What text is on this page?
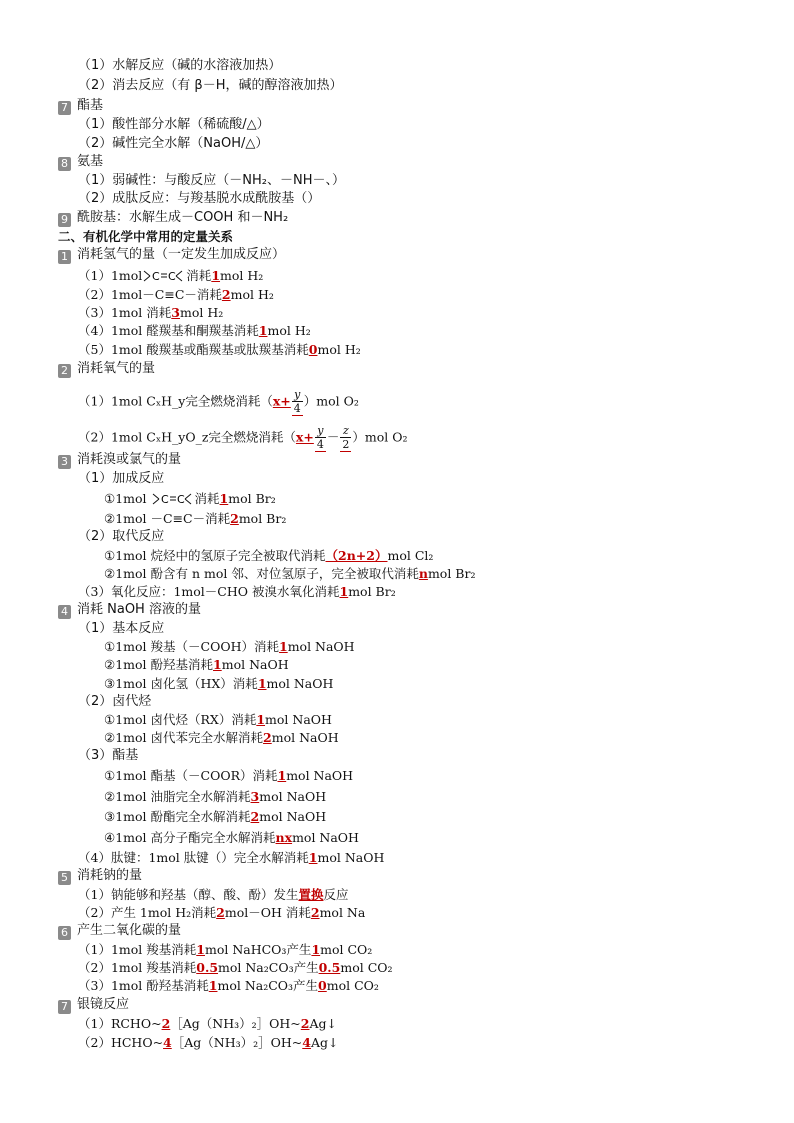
（1）水解反应（碱的水溶液加热）
（2）消去反应（有 β－H，碱的醇溶液加热）
7 酯基
（1）酸性部分水解（稀硫酸/△）
（2）碱性完全水解（NaOH/△）
8 氨基
（1）弱碱性：与酸反应（－NH₂、－NH－、）
（2）成肽反应：与羧基脱水成酰胺基（）
9 酰胺基：水解生成－COOH 和－NH₂
二、有机化学中常用的定量关系
1 消耗氢气的量（一定发生加成反应）
（1）1mol C C 消耗1mol H₂
（2）1mol－C≡C－消耗2mol H₂
（3）1mol 消耗3mol H₂
（4）1mol 醛羰基和酮羰基消耗1mol H₂
（5）1mol 酸羰基或酯羰基或肽羰基消耗0mol H₂
2 消耗氧气的量
（1）1mol CₓH_y完全燃烧消耗$(x+ \frac{y}{4} )mol$ O₂
（2）1mol CₓH_yO_z完全燃烧消耗$(x+ \frac{y}{4} - \frac{z}{2} )mol$ O₂
3 消耗溴或氯气的量
（1）加成反应
①1mol C C 消耗1mol Br₂
②1mol －C≡C－消耗2mol Br₂
（2）取代反应
①1mol 烷烃中的氢原子完全被取代消耗（2n+2）mol Cl₂
②1mol 酚含有 n mol 邻、对位氢原子，完全被取代消耗nmol Br₂
（3）氧化反应：1mol－CHO 被溴水氧化消耗1mol Br₂
4 消耗 NaOH 溶液的量
（1）基本反应
①1mol 羧基（－COOH）消耗1mol NaOH
②1mol 酚羟基消耗1mol NaOH
③1mol 卤化氢（HX）消耗1mol NaOH
（2）卤代烃
①1mol 卤代烃（RX）消耗1mol NaOH
②1mol 卤代苯完全水解消耗2mol NaOH
（3）酯基
①1mol 酯基（－COOR）消耗1mol NaOH
②1mol 油脂完全水解消耗3mol NaOH
③1mol 酚酯完全水解消耗2mol NaOH
④1mol 高分子酯完全水解消耗nxmol NaOH
（4）肽键：1mol 肽键（）完全水解消耗1mol NaOH
5 消耗钠的量
（1）钠能够和羟基（醇、酸、酚）发生置换反应
（2）产生 1mol H₂消耗2mol－OH 消耗2mol Na
6 产生二氧化碳的量
（1）1mol 羧基消耗1mol NaHCO₃产生1mol CO₂
（2）1mol 羧基消耗0.5mol Na₂CO₃产生0.5mol CO₂
（3）1mol 酚羟基消耗1mol Na₂CO₃产生0mol CO₂
7 银镜反应
（1）RCHO~2［Ag（NH₃）₂］OH~2Ag↓
（2）HCHO~4［Ag（NH₃）₂］OH~4Ag↓
